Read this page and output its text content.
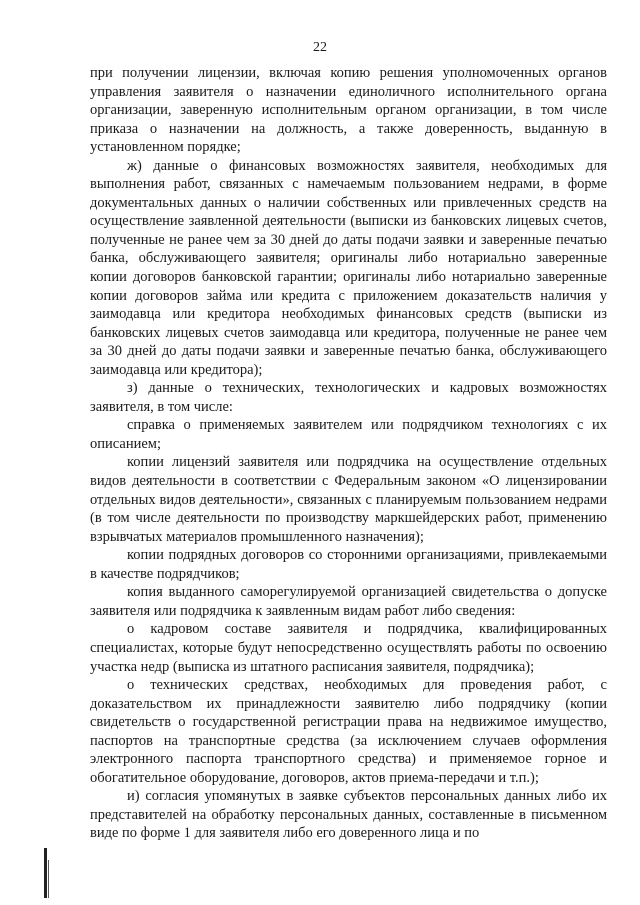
22

при получении лицензии, включая копию решения уполномоченных органов управления заявителя о назначении единоличного исполнительного органа организации, заверенную исполнительным органом организации, в том числе приказа о назначении на должность, а также доверенность, выданную в установленном порядке;

ж) данные о финансовых возможностях заявителя, необходимых для выполнения работ, связанных с намечаемым пользованием недрами, в форме документальных данных о наличии собственных или привлеченных средств на осуществление заявленной деятельности (выписки из банковских лицевых счетов, полученные не ранее чем за 30 дней до даты подачи заявки и заверенные печатью банка, обслуживающего заявителя; оригиналы либо нотариально заверенные копии договоров банковской гарантии; оригиналы либо нотариально заверенные копии договоров займа или кредита с приложением доказательств наличия у заимодавца или кредитора необходимых финансовых средств (выписки из банковских лицевых счетов заимодавца или кредитора, полученные не ранее чем за 30 дней до даты подачи заявки и заверенные печатью банка, обслуживающего заимодавца или кредитора);

з) данные о технических, технологических и кадровых возможностях заявителя, в том числе:

справка о применяемых заявителем или подрядчиком технологиях с их описанием;

копии лицензий заявителя или подрядчика на осуществление отдельных видов деятельности в соответствии с Федеральным законом «О лицензировании отдельных видов деятельности», связанных с планируемым пользованием недрами (в том числе деятельности по производству маркшейдерских работ, применению взрывчатых материалов промышленного назначения);

копии подрядных договоров со сторонними организациями, привлекаемыми в качестве подрядчиков;

копия выданного саморегулируемой организацией свидетельства о допуске заявителя или подрядчика к заявленным видам работ либо сведения:

о кадровом составе заявителя и подрядчика, квалифицированных специалистах, которые будут непосредственно осуществлять работы по освоению участка недр (выписка из штатного расписания заявителя, подрядчика);

о технических средствах, необходимых для проведения работ, с доказательством их принадлежности заявителю либо подрядчику (копии свидетельств о государственной регистрации права на недвижимое имущество, паспортов на транспортные средства (за исключением случаев оформления электронного паспорта транспортного средства) и применяемое горное и обогатительное оборудование, договоров, актов приема-передачи и т.п.);

и) согласия упомянутых в заявке субъектов персональных данных либо их представителей на обработку персональных данных, составленные в письменном виде по форме 1 для заявителя либо его доверенного лица и по
